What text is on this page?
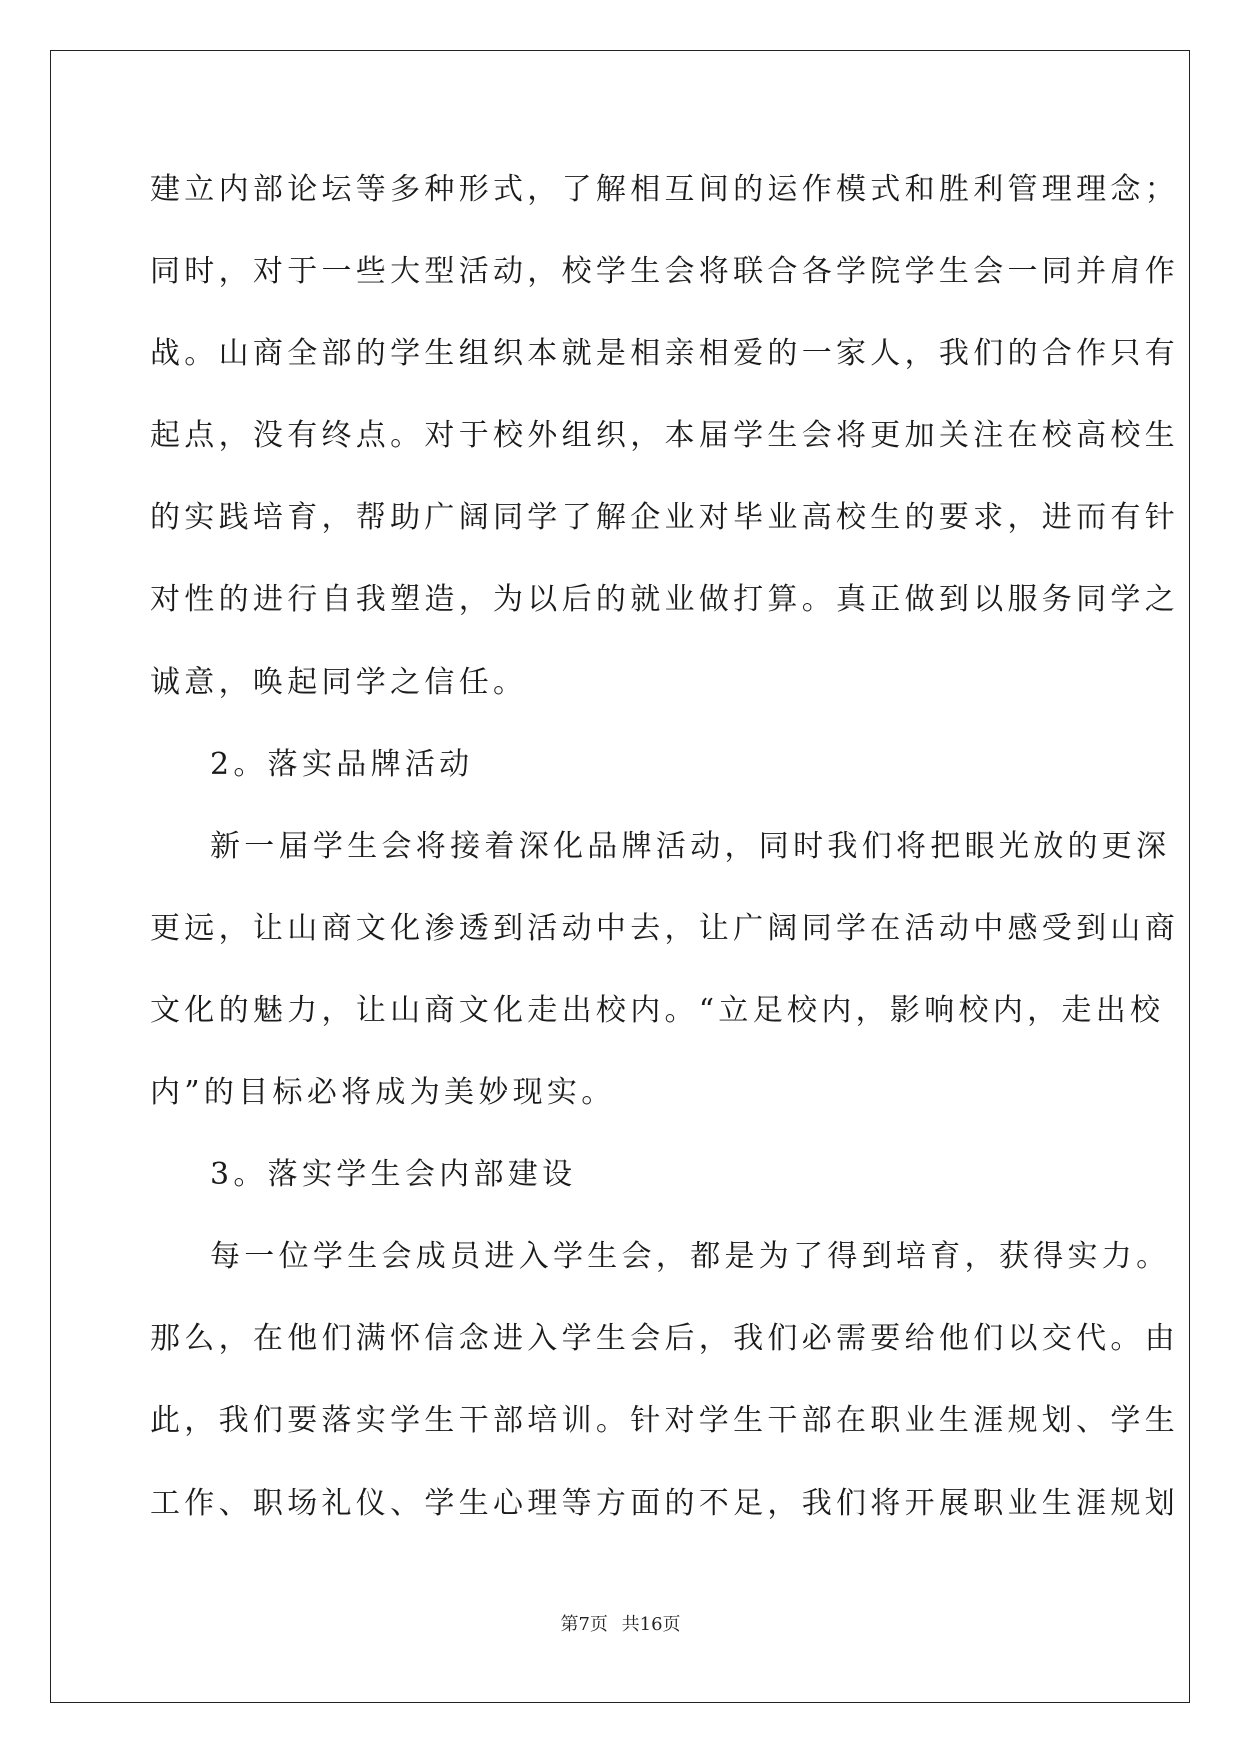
建立内部论坛等多种形式，了解相互间的运作模式和胜利管理理念；
同时，对于一些大型活动，校学生会将联合各学院学生会一同并肩作
战。山商全部的学生组织本就是相亲相爱的一家人，我们的合作只有
起点，没有终点。对于校外组织，本届学生会将更加关注在校高校生
的实践培育，帮助广阔同学了解企业对毕业高校生的要求，进而有针
对性的进行自我塑造，为以后的就业做打算。真正做到以服务同学之
诚意，唤起同学之信任。
2。落实品牌活动
新一届学生会将接着深化品牌活动，同时我们将把眼光放的更深
更远，让山商文化渗透到活动中去，让广阔同学在活动中感受到山商
文化的魅力，让山商文化走出校内。“立足校内，影响校内，走出校
内”的目标必将成为美妙现实。
3。落实学生会内部建设
每一位学生会成员进入学生会，都是为了得到培育，获得实力。
那么，在他们满怀信念进入学生会后，我们必需要给他们以交代。由
此，我们要落实学生干部培训。针对学生干部在职业生涯规划、学生
工作、职场礼仪、学生心理等方面的不足，我们将开展职业生涯规划
第7页 共16页
